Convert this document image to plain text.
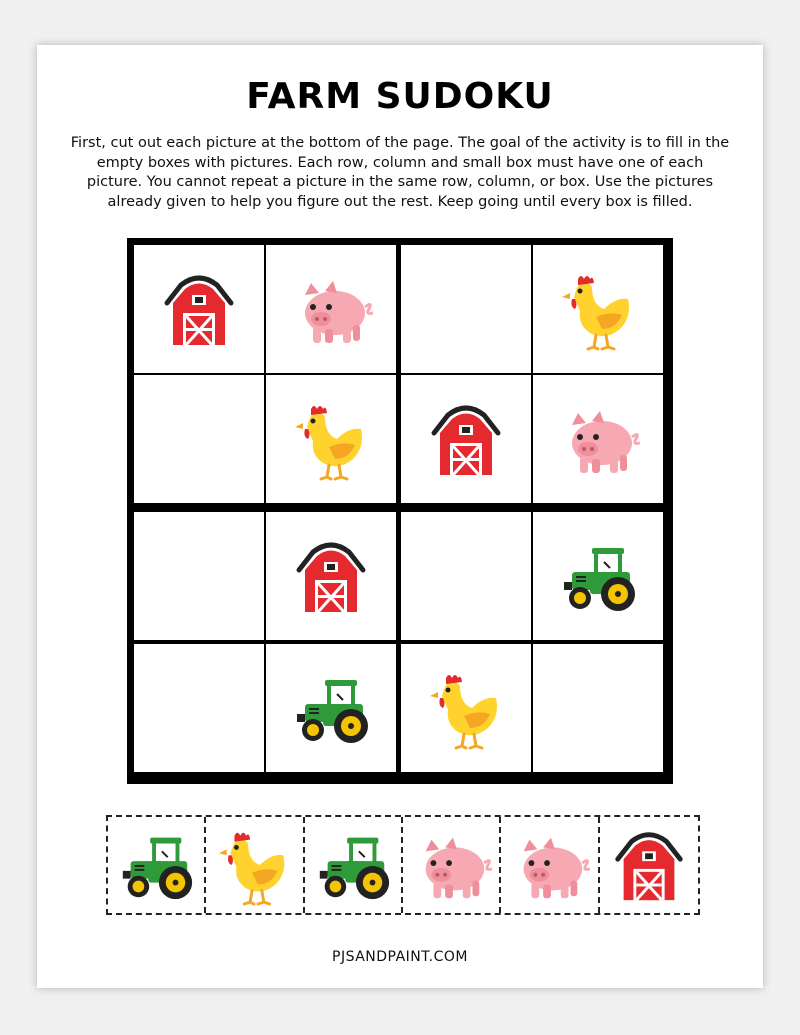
FARM SUDOKU
First, cut out each picture at the bottom of the page. The goal of the activity is to fill in the empty boxes with pictures. Each row, column and small box must have one of each picture. You cannot repeat a picture in the same row, column, or box. Use the pictures already given to help you figure out the rest. Keep going until every box is filled.
PJSANDPAINT.COM
